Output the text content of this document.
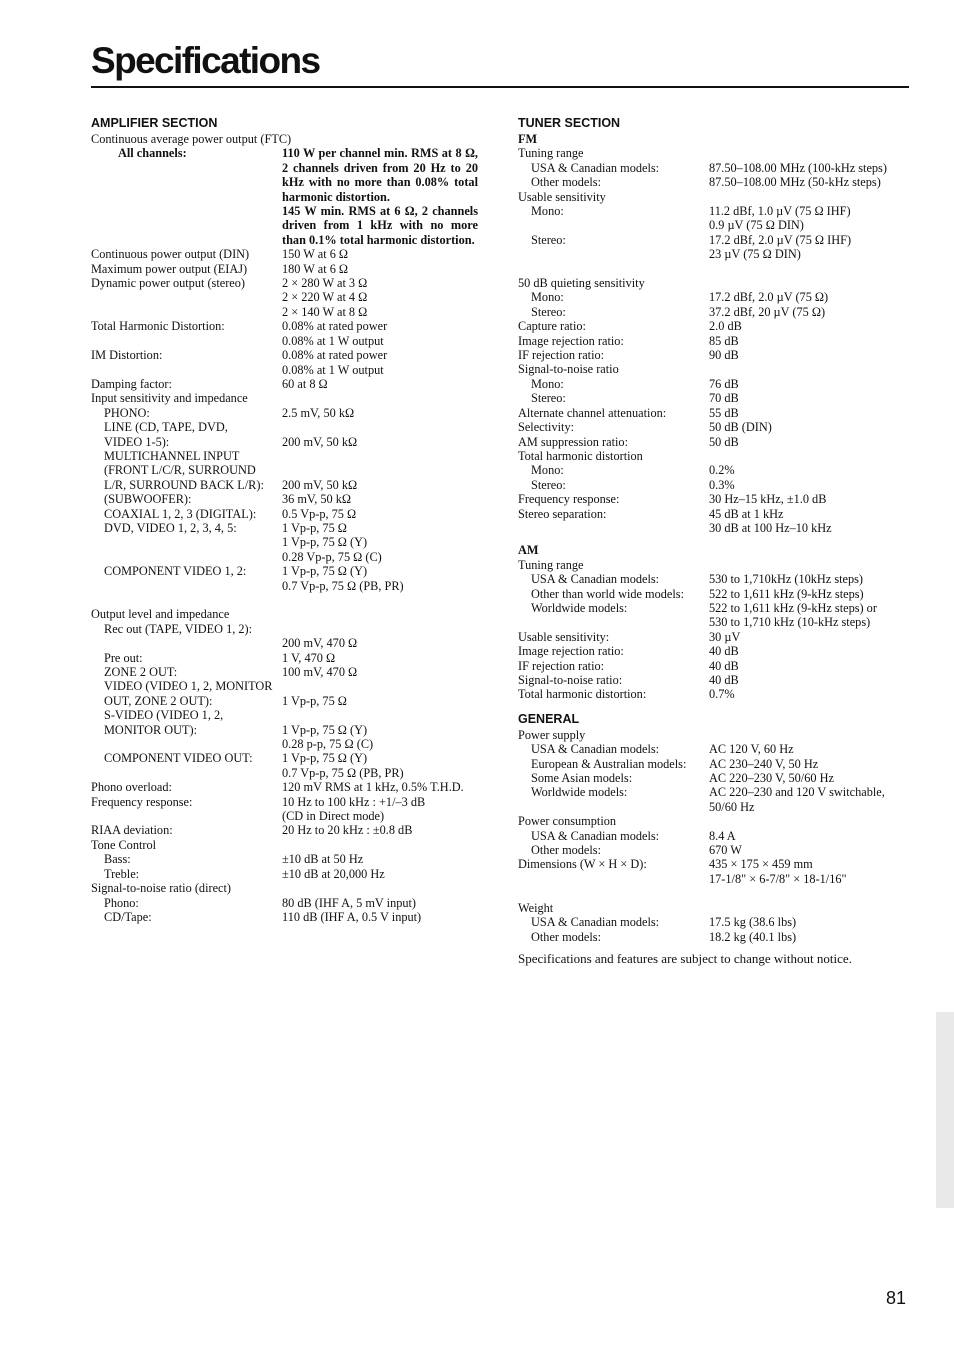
Specifications
AMPLIFIER SECTION
Continuous average power output (FTC)
All channels:	110 W per channel min. RMS at 8 Ω, 2 channels driven from 20 Hz to 20 kHz with no more than 0.08% total harmonic distortion.
145 W min. RMS at 6 Ω, 2 channels driven from 1 kHz with no more than 0.1% total harmonic distortion.
Continuous power output (DIN)	150 W at 6 Ω
Maximum power output (EIAJ)	180 W at 6 Ω
Dynamic power output (stereo)	2 × 280 W at 3 Ω
2 × 220 W at 4 Ω
2 × 140 W at 8 Ω
Total Harmonic Distortion:	0.08% at rated power
0.08% at 1 W output
IM Distortion:	0.08% at rated power
0.08% at 1 W output
Damping factor:	60 at 8 Ω
Input sensitivity and impedance
PHONO:	2.5 mV, 50 kΩ
LINE (CD, TAPE, DVD,
VIDEO 1-5):	200 mV, 50 kΩ
MULTICHANNEL INPUT
(FRONT L/C/R, SURROUND
L/R, SURROUND BACK L/R):	200 mV, 50 kΩ
(SUBWOOFER):	36 mV, 50 kΩ
COAXIAL 1, 2, 3 (DIGITAL):	0.5 Vp-p, 75 Ω
DVD, VIDEO 1, 2, 3, 4, 5:	1 Vp-p, 75 Ω
1 Vp-p, 75 Ω (Y)
0.28 Vp-p, 75 Ω (C)
COMPONENT VIDEO 1, 2:	1 Vp-p, 75 Ω (Y)
0.7 Vp-p, 75 Ω (PB, PR)
Output level and impedance
Rec out (TAPE, VIDEO 1, 2):
200 mV, 470 Ω
Pre out:	1 V, 470 Ω
ZONE 2 OUT:	100 mV, 470 Ω
VIDEO (VIDEO 1, 2, MONITOR
OUT, ZONE 2 OUT):	1 Vp-p, 75 Ω
S-VIDEO (VIDEO 1, 2,
MONITOR OUT):	1 Vp-p, 75 Ω (Y)
0.28 p-p, 75 Ω (C)
COMPONENT VIDEO OUT:	1 Vp-p, 75 Ω (Y)
0.7 Vp-p, 75 Ω (PB, PR)
Phono overload:	120 mV RMS at 1 kHz, 0.5% T.H.D.
Frequency response:	10 Hz to 100 kHz : +1/–3 dB
(CD in Direct mode)
RIAA deviation:	20 Hz to 20 kHz : ±0.8 dB
Tone Control
Bass:	±10 dB at 50 Hz
Treble:	±10 dB at 20,000 Hz
Signal-to-noise ratio (direct)
Phono:	80 dB (IHF A, 5 mV input)
CD/Tape:	110 dB (IHF A, 0.5 V input)
TUNER SECTION
FM
Tuning range
USA & Canadian models:	87.50–108.00 MHz (100-kHz steps)
Other models:	87.50–108.00 MHz (50-kHz steps)
Usable sensitivity
Mono:	11.2 dBf, 1.0 µV (75 Ω IHF)
0.9 µV (75 Ω DIN)
Stereo:	17.2 dBf, 2.0 µV (75 Ω IHF)
23 µV (75 Ω DIN)
50 dB quieting sensitivity
Mono:	17.2 dBf, 2.0 µV (75 Ω)
Stereo:	37.2 dBf, 20 µV (75 Ω)
Capture ratio:	2.0 dB
Image rejection ratio:	85 dB
IF rejection ratio:	90 dB
Signal-to-noise ratio
Mono:	76 dB
Stereo:	70 dB
Alternate channel attenuation:	55 dB
Selectivity:	50 dB (DIN)
AM suppression ratio:	50 dB
Total harmonic distortion
Mono:	0.2%
Stereo:	0.3%
Frequency response:	30 Hz–15 kHz, ±1.0 dB
Stereo separation:	45 dB at 1 kHz
30 dB at 100 Hz–10 kHz
AM
Tuning range
USA & Canadian models:	530 to 1,710kHz (10kHz steps)
Other than world wide models:	522 to 1,611 kHz (9-kHz steps)
Worldwide models:	522 to 1,611 kHz (9-kHz steps) or
530 to 1,710 kHz (10-kHz steps)
Usable sensitivity:	30 µV
Image rejection ratio:	40 dB
IF rejection ratio:	40 dB
Signal-to-noise ratio:	40 dB
Total harmonic distortion:	0.7%
GENERAL
Power supply
USA & Canadian models:	AC 120 V, 60 Hz
European & Australian models:	AC 230–240 V, 50 Hz
Some Asian models:	AC 220–230 V, 50/60 Hz
Worldwide models:	AC 220–230 and 120 V switchable,
50/60 Hz
Power consumption
USA & Canadian models:	8.4 A
Other models:	670 W
Dimensions (W × H × D):	435 × 175 × 459 mm
17-1/8" × 6-7/8" × 18-1/16"
Weight
USA & Canadian models:	17.5 kg (38.6 lbs)
Other models:	18.2 kg (40.1 lbs)
Specifications and features are subject to change without notice.
81
